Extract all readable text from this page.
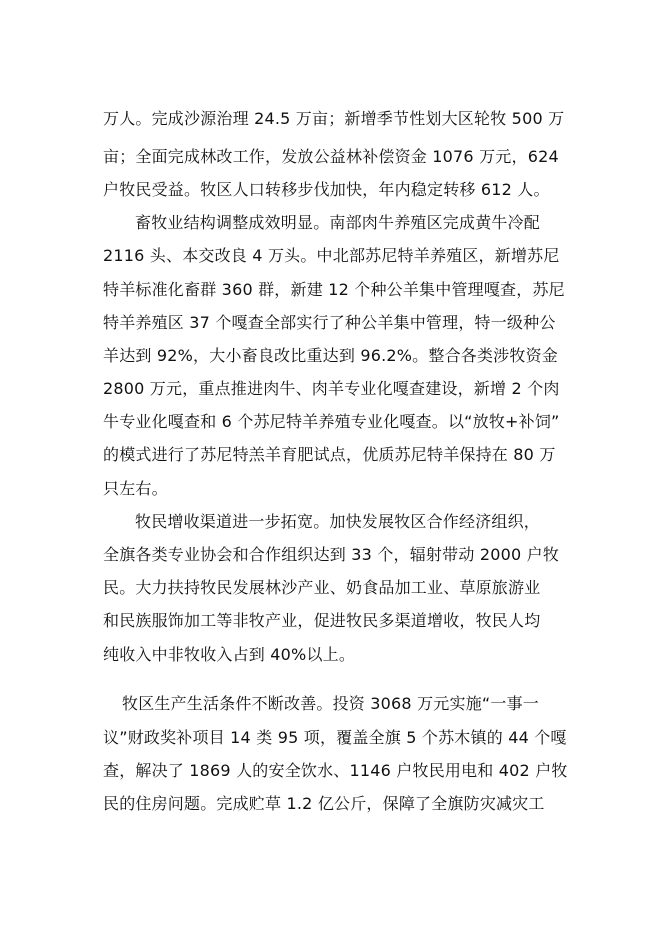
万人。完成沙源治理 24.5 万亩；新增季节性划大区轮牧 500 万
亩；全面完成林改工作，发放公益林补偿资金 1076 万元，624
户牧民受益。牧区人口转移步伐加快，年内稳定转移 612 人。
畜牧业结构调整成效明显。南部肉牛养殖区完成黄牛冷配
2116 头、本交改良 4 万头。中北部苏尼特羊养殖区，新增苏尼
特羊标准化畜群 360 群，新建 12 个种公羊集中管理嘎查，苏尼
特羊养殖区 37 个嘎查全部实行了种公羊集中管理，特一级种公
羊达到 92%，大小畜良改比重达到 96.2%。整合各类涉牧资金
2800 万元，重点推进肉牛、肉羊专业化嘎查建设，新增 2 个肉
牛专业化嘎查和 6 个苏尼特羊养殖专业化嘎查。以“放牧+补饲”
的模式进行了苏尼特羔羊育肥试点，优质苏尼特羊保持在 80 万
只左右。
牧民增收渠道进一步拓宽。加快发展牧区合作经济组织，
全旗各类专业协会和合作组织达到 33 个，辐射带动 2000 户牧
民。大力扶持牧民发展林沙产业、奶食品加工业、草原旅游业
和民族服饰加工等非牧产业，促进牧民多渠道增收，牧民人均
纯收入中非牧收入占到 40%以上。
牧区生产生活条件不断改善。投资 3068 万元实施“一事一
议”财政奖补项目 14 类 95 项，覆盖全旗 5 个苏木镇的 44 个嘎
查，解决了 1869 人的安全饮水、1146 户牧民用电和 402 户牧
民的住房问题。完成贮草 1.2 亿公斤，保障了全旗防灾减灾工
